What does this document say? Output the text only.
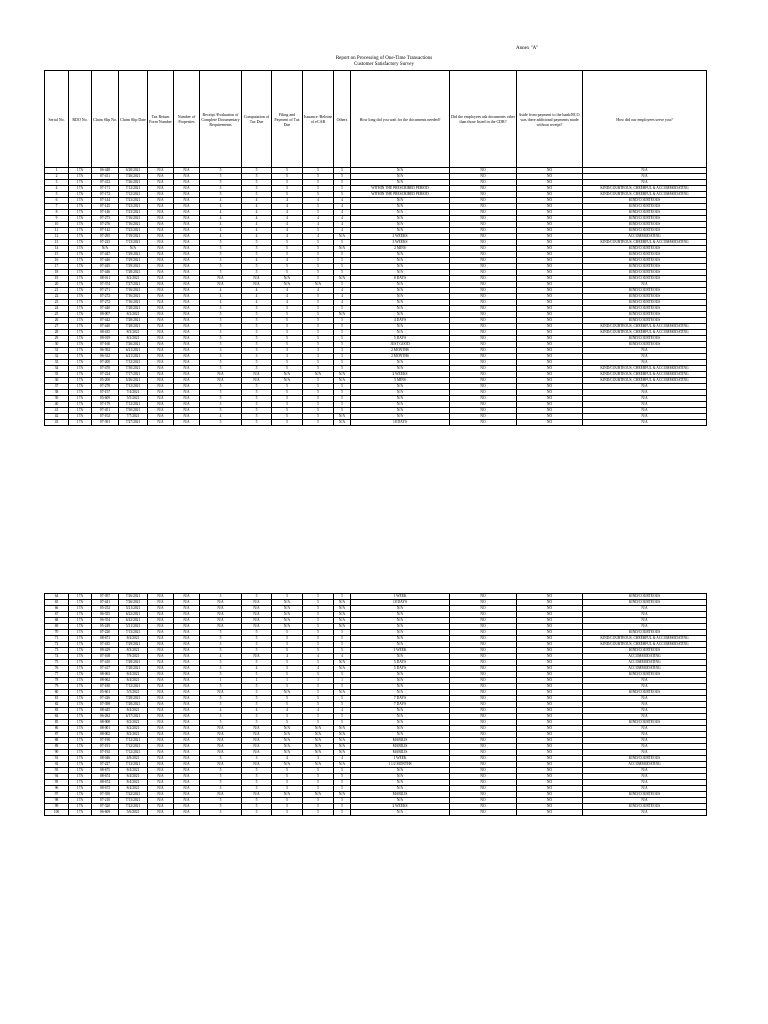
Annex "A"
Report on Processing of One-Time Transactions
Customer Satisfactory Survey
Serial No.	RDO No.	Claim Slip No.	Claim Slip Date	Tax Return Form Number	Number of Properties	Receipt /Evaluation of Complete Documentary Requirements	Computation of Tax Due	Filing and Payment of Tax Due	Issuance /Release of eCAR	Others	How long did you wait for the documents needed?	Did the employees ask documents other than those listed in the CDR?	Aside from payment to the bank/RCO, was there additional payments made without receipt?	How did our employees serve you?
1	17A	06-448	6/28/2021	N/A	N/A	5	5	5	5	5	N/A	NO	NO	N/A
2	17A	07-411	7/26/2021	N/A	N/A	5	5	5	5	5	N/A	NO	NO	N/A
3	17A	07-412	7/26/2021	N/A	N/A	5	5	5	5	5	N/A	NO	NO	N/A
4	17A	07-171	7/12/2021	N/A	N/A	5	5	5	5	5	WITHIN THE PRESCRIBED PERIOD	NO	NO	KIND/COURTEOUS, CHEERFUL & ACCOMMODATING
5	17A	07-172	7/12/2021	N/A	N/A	5	5	5	5	5	WITHIN THE PRESCRIBED PERIOD	NO	NO	KIND/COURTEOUS, CHEERFUL & ACCOMMODATING
6	17A	07-144	7/23/2021	N/A	N/A	4	4	4	4	4	N/A	NO	NO	KIND/COURTEOUS
7	17A	07-145	7/23/2021	N/A	N/A	4	4	4	5	4	N/A	NO	NO	KIND/COURTEOUS
8	17A	07-146	7/23/2021	N/A	N/A	4	4	4	5	4	N/A	NO	NO	KIND/COURTEOUS
9	17A	07-273	7/16/2021	N/A	N/A	4	4	4	4	4	N/A	NO	NO	KIND/COURTEOUS
10	17A	07-276	7/16/2021	N/A	N/A	4	4	4	4	4	N/A	NO	NO	KIND/COURTEOUS
11	17A	07-142	7/23/2021	N/A	N/A	4	4	4	5	4	N/A	NO	NO	KIND/COURTEOUS
12	17A	07-295	7/19/2021	N/A	N/A	4	4	4	4	N/A	2 WEEKS	NO	NO	ACCOMMODATING
13	17A	07-223	7/13/2021	N/A	N/A	5	5	5	5	5	3 WEEKS	NO	NO	KIND/COURTEOUS, CHEERFUL & ACCOMMODATING
14	17A	N/A	N/A	N/A	N/A	5	5	5	5	N/A	2 MINS	NO	NO	KIND/COURTEOUS
15	17A	07-447	7/29/2021	N/A	N/A	5	5	5	5	5	N/A	NO	NO	KIND/COURTEOUS
16	17A	07-446	7/29/2021	N/A	N/A	5	4	4	5	5	N/A	NO	NO	KIND/COURTEOUS
17	17A	07-445	7/29/2021	N/A	N/A	5	5	5	5	5	N/A	NO	NO	KIND/COURTEOUS
18	17A	07-446	7/28/2021	N/A	N/A	5	5	5	5	5	N/A	NO	NO	KIND/COURTEOUS
19	17A	08-011	8/2/2021	N/A	N/A	N/A	N/A	N/A	5	N/A	8 DAYS	NO	NO	KIND/COURTEOUS
20	17A	07-374	7/27/2021	N/A	N/A	N/A	N/A	N/A	N/A	5	N/A	NO	NO	N/A
21	17A	07-271	7/16/2021	N/A	N/A	4	4	4	4	4	N/A	NO	NO	KIND/COURTEOUS
22	17A	07-272	7/16/2021	N/A	N/A	4	4	4	5	4	N/A	NO	NO	KIND/COURTEOUS
23	17A	07-272	7/16/2021	N/A	N/A	4	4	4	5	4	N/A	NO	NO	KIND/COURTEOUS
24	17A	07-440	7/28/2021	N/A	N/A	5	5	5	5	5	N/A	NO	NO	KIND/COURTEOUS
25	17A	08-007	8/2/2021	N/A	N/A	5	5	5	5	N/A	N/A	NO	NO	KIND/COURTEOUS
26	17A	07-442	7/28/2021	N/A	N/A	5	5	5	5	5	4 DAYS	NO	NO	KIND/COURTEOUS
27	17A	07-440	7/28/2021	N/A	N/A	5	5	5	5	5	N/A	NO	NO	KIND/COURTEOUS, CHEERFUL & ACCOMMODATING
28	17A	08-435	8/3/2021	N/A	N/A	5	5	5	5	5	N/A	NO	NO	KIND/COURTEOUS, CHEERFUL & ACCOMMODATING
29	17A	08-019	8/2/2021	N/A	N/A	5	5	5	5	5	5 DAYS	NO	NO	KIND/COURTEOUS
30	17A	07-160	7/26/2021	N/A	N/A	5	5	5	5	5	JUST GOOD	NO	NO	KIND/COURTEOUS
31	17A	06-392	6/21/2021	N/A	N/A	3	3	3	3	3	2 MONTHS	NO	NO	N/A
32	17A	06-312	6/21/2021	N/A	N/A	3	3	3	3	3	2 MONTHS	NO	NO	N/A
33	17A	07-200	7/12/2021	N/A	N/A	5	5	5	5	5	N/A	NO	NO	N/A
34	17A	07-470	7/30/2021	N/A	N/A	5	5	5	5	5	N/A	NO	NO	KIND/COURTEOUS, CHEERFUL & ACCOMMODATING
35	17A	07-224	7/17/2021	N/A	N/A	N/A	N/A	N/A	N/A	N/A	2 WEEKS	NO	NO	KIND/COURTEOUS, CHEERFUL & ACCOMMODATING
36	17A	05-200	5/26/2021	N/A	N/A	N/A	N/A	N/A	5	N/A	5 MINS	NO	NO	KIND/COURTEOUS, CHEERFUL & ACCOMMODATING
37	17A	07-278	7/12/2021	N/A	N/A	5	5	5	5	5	N/A	NO	NO	N/A
38	17A	07-157	7/4/2021	N/A	N/A	5	5	5	5	5	N/A	NO	NO	N/A
39	17A	05-609	5/5/2021	N/A	N/A	5	5	5	5	5	N/A	NO	NO	N/A
40	17A	07-179	7/12/2021	N/A	N/A	5	5	5	5	5	N/A	NO	NO	N/A
41	17A	07-451	7/30/2021	N/A	N/A	5	5	5	5	5	N/A	NO	NO	N/A
42	17A	07-102	7/7/2021	N/A	N/A	4	5	5	5	N/A	N/A	NO	NO	N/A
43	17A	07-391	7/27/2021	N/A	N/A	5	5	5	5	N/A	18 DAYS	NO	NO	N/A
64	17A	07-397	7/26/2021	N/A	N/A	5	5	5	5	5	1 WEEK	NO	NO	KIND/COURTEOUS
65	17A	07-441	7/26/2021	N/A	N/A	N/A	N/A	N/A	5	N/A	18 DAYS	NO	NO	KIND/COURTEOUS
66	17A	05-252	5/21/2021	N/A	N/A	N/A	N/A	N/A	5	N/A	N/A	NO	NO	N/A
67	17A	06-355	6/22/2021	N/A	N/A	N/A	N/A	N/A	5	N/A	N/A	NO	NO	N/A
68	17A	06-354	6/22/2021	N/A	N/A	N/A	N/A	N/A	5	N/A	N/A	NO	NO	N/A
69	17A	05-249	5/21/2021	N/A	N/A	N/A	N/A	N/A	5	N/A	N/A	NO	NO	N/A
70	17A	07-220	7/13/2021	N/A	N/A	5	5	5	5	5	N/A	NO	NO	KIND/COURTEOUS
71	17A	08-671	8/4/2021	N/A	N/A	5	5	5	5	5	N/A	NO	NO	KIND/COURTEOUS, CHEERFUL & ACCOMMODATING
72	17A	07-435	7/29/2021	N/A	N/A	5	5	5	5	5	N/A	NO	NO	KIND/COURTEOUS, CHEERFUL & ACCOMMODATING
73	17A	08-429	8/3/2021	N/A	N/A	5	5	5	5	5	1 WEEK	NO	NO	KIND/COURTEOUS
74	17A	07-168	7/9/2021	N/A	N/A	4	N/A	4	4	4	N/A	NO	NO	ACCOMMODATING
75	17A	07-410	7/28/2021	N/A	N/A	5	5	5	5	N/A	5 DAYS	NO	NO	ACCOMMODATING
76	17A	07-417	7/28/2021	N/A	N/A	5	4	5	4	N/A	5 DAYS	NO	NO	ACCOMMODATING
77	17A	08-063	8/4/2021	N/A	N/A	5	5	5	5	5	N/A	NO	NO	KIND/COURTEOUS
78	17A	08-062	8/4/2021	N/A	N/A	1	1	1	1	1	N/A	NO	NO	N/A
79	17A	07-180	7/12/2021	N/A	N/A	5	5	5	5	5	N/A	NO	NO	N/A
80	17A	05-601	5/5/2021	N/A	N/A	N/A	5	N/A	5	N/A	N/A	NO	NO	KIND/COURTEOUS
81	17A	07-426	7/28/2021	N/A	N/A	5	5	5	5	5	7 DAYS	NO	NO	N/A
82	17A	07-398	7/28/2021	N/A	N/A	5	5	5	5	5	7 DAYS	NO	NO	N/A
83	17A	08-445	8/4/2021	N/A	N/A	4	4	4	4	4	N/A	NO	NO	N/A
84	17A	06-282	6/17/2021	N/A	N/A	5	5	5	5	5	N/A	NO	NO	N/A
85	17A	08-008	8/2/2021	N/A	N/A	5	5	5	5	5	N/A	NO	NO	KIND/COURTEOUS
86	17A	08-001	8/2/2021	N/A	N/A	N/A	N/A	N/A	N/A	N/A	N/A	NO	NO	N/A
87	17A	08-002	8/2/2021	N/A	N/A	N/A	N/A	N/A	N/A	N/A	N/A	NO	NO	N/A
88	17A	07-190	7/12/2021	N/A	N/A	N/A	N/A	N/A	N/A	N/A	MABILIS	NO	NO	N/A
89	17A	07-191	7/12/2021	N/A	N/A	N/A	N/A	N/A	N/A	N/A	MABILIS	NO	NO	N/A
90	17A	07-192	7/12/2021	N/A	N/A	N/A	N/A	N/A	N/A	N/A	MABILIS	NO	NO	N/A
91	17A	08-046	4/8/2021	N/A	N/A	3	3	4	3	4	1 WEEK	NO	NO	KIND/COURTEOUS
92	17A	07-227	7/13/2021	N/A	N/A	N/A	N/A	N/A	N/A	N/A	1 1/2 MONTHS	NO	NO	ACCOMMODATING
93	17A	08-675	8/4/2021	N/A	N/A	5	5	5	5	5	N/A	NO	NO	N/A
94	17A	08-674	8/4/2021	N/A	N/A	5	5	5	5	5	N/A	NO	NO	N/A
95	17A	08-674	8/4/2021	N/A	N/A	5	5	5	5	5	N/A	NO	NO	N/A
96	17A	08-673	8/4/2021	N/A	N/A	5	5	5	5	5	N/A	NO	NO	N/A
97	17A	07-350	7/22/2021	N/A	N/A	N/A	N/A	N/A	N/A	N/A	MABILIS	NO	NO	KIND/COURTEOUS
98	17A	07-210	7/13/2021	N/A	N/A	5	5	5	5	5	N/A	NO	NO	N/A
99	17A	07-320	7/22/2021	N/A	N/A	5	5	5	5	5	2 WEEKS	NO	NO	KIND/COURTEOUS
100	17A	06-609	5/6/2021	N/A	N/A	5	5	5	5	5	N/A	NO	NO	N/A
